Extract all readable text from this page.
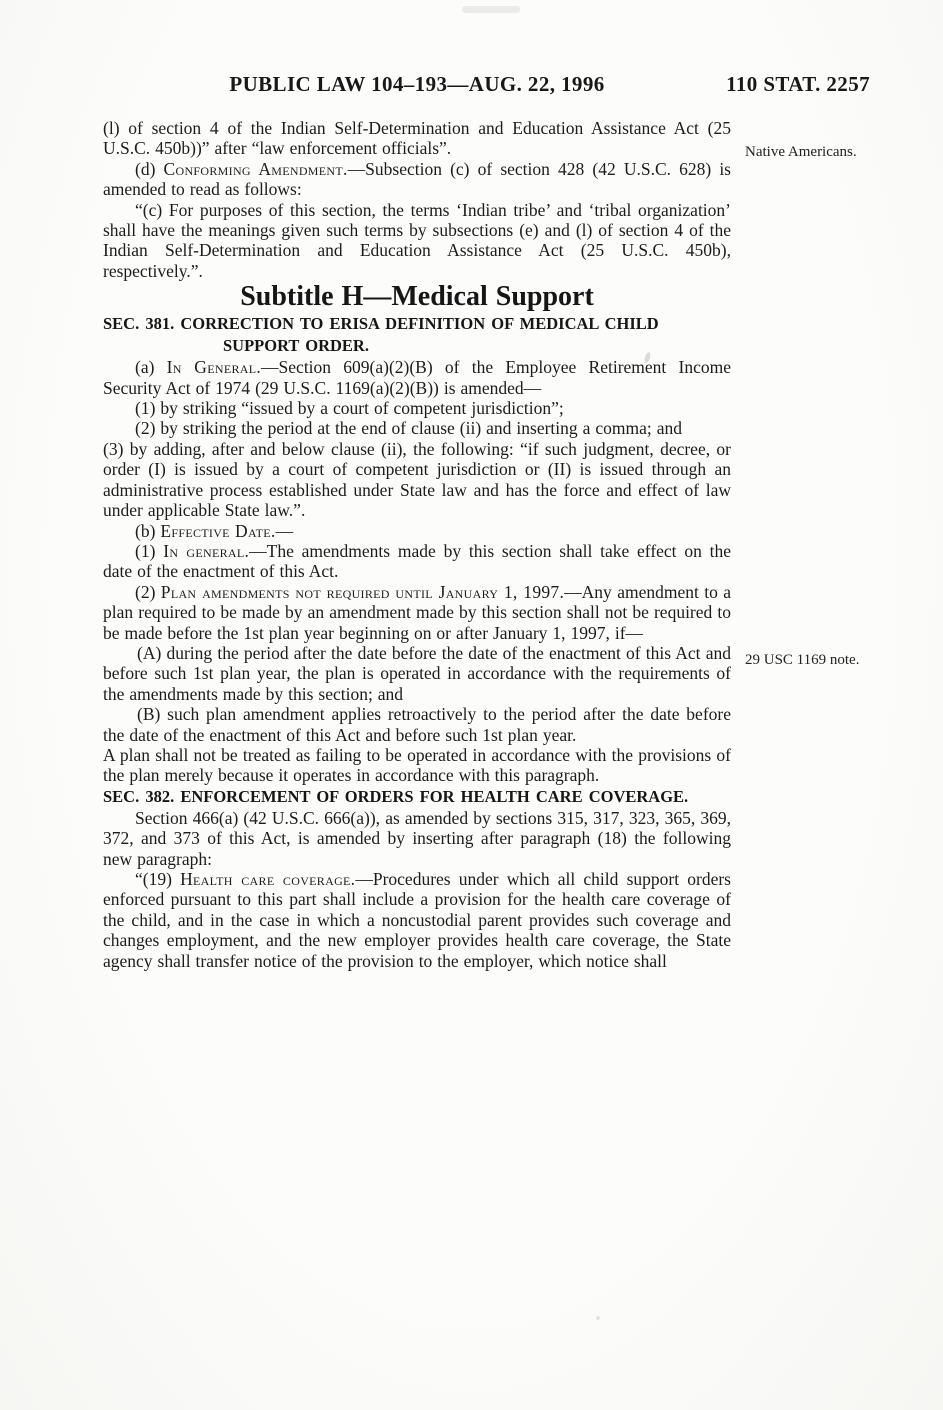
PUBLIC LAW 104–193—AUG. 22, 1996	110 STAT. 2257
Native Americans.
29 USC 1169 note.
(l) of section 4 of the Indian Self-Determination and Education Assistance Act (25 U.S.C. 450b))” after “law enforcement officials”.
(d) Conforming Amendment.—Subsection (c) of section 428 (42 U.S.C. 628) is amended to read as follows:
“(c) For purposes of this section, the terms ‘Indian tribe’ and ‘tribal organization’ shall have the meanings given such terms by subsections (e) and (l) of section 4 of the Indian Self-Determination and Education Assistance Act (25 U.S.C. 450b), respectively.”.
Subtitle H—Medical Support
SEC. 381. CORRECTION TO ERISA DEFINITION OF MEDICAL CHILD SUPPORT ORDER.
(a) In General.—Section 609(a)(2)(B) of the Employee Retirement Income Security Act of 1974 (29 U.S.C. 1169(a)(2)(B)) is amended—
(1) by striking “issued by a court of competent jurisdiction”;
(2) by striking the period at the end of clause (ii) and inserting a comma; and
(3) by adding, after and below clause (ii), the following: “if such judgment, decree, or order (I) is issued by a court of competent jurisdiction or (II) is issued through an administrative process established under State law and has the force and effect of law under applicable State law.”.
(b) Effective Date.—
(1) In general.—The amendments made by this section shall take effect on the date of the enactment of this Act.
(2) Plan amendments not required until January 1, 1997.—Any amendment to a plan required to be made by an amendment made by this section shall not be required to be made before the 1st plan year beginning on or after January 1, 1997, if—
(A) during the period after the date before the date of the enactment of this Act and before such 1st plan year, the plan is operated in accordance with the requirements of the amendments made by this section; and
(B) such plan amendment applies retroactively to the period after the date before the date of the enactment of this Act and before such 1st plan year.
A plan shall not be treated as failing to be operated in accordance with the provisions of the plan merely because it operates in accordance with this paragraph.
SEC. 382. ENFORCEMENT OF ORDERS FOR HEALTH CARE COVERAGE.
Section 466(a) (42 U.S.C. 666(a)), as amended by sections 315, 317, 323, 365, 369, 372, and 373 of this Act, is amended by inserting after paragraph (18) the following new paragraph:
“(19) Health care coverage.—Procedures under which all child support orders enforced pursuant to this part shall include a provision for the health care coverage of the child, and in the case in which a noncustodial parent provides such coverage and changes employment, and the new employer provides health care coverage, the State agency shall transfer notice of the provision to the employer, which notice shall
